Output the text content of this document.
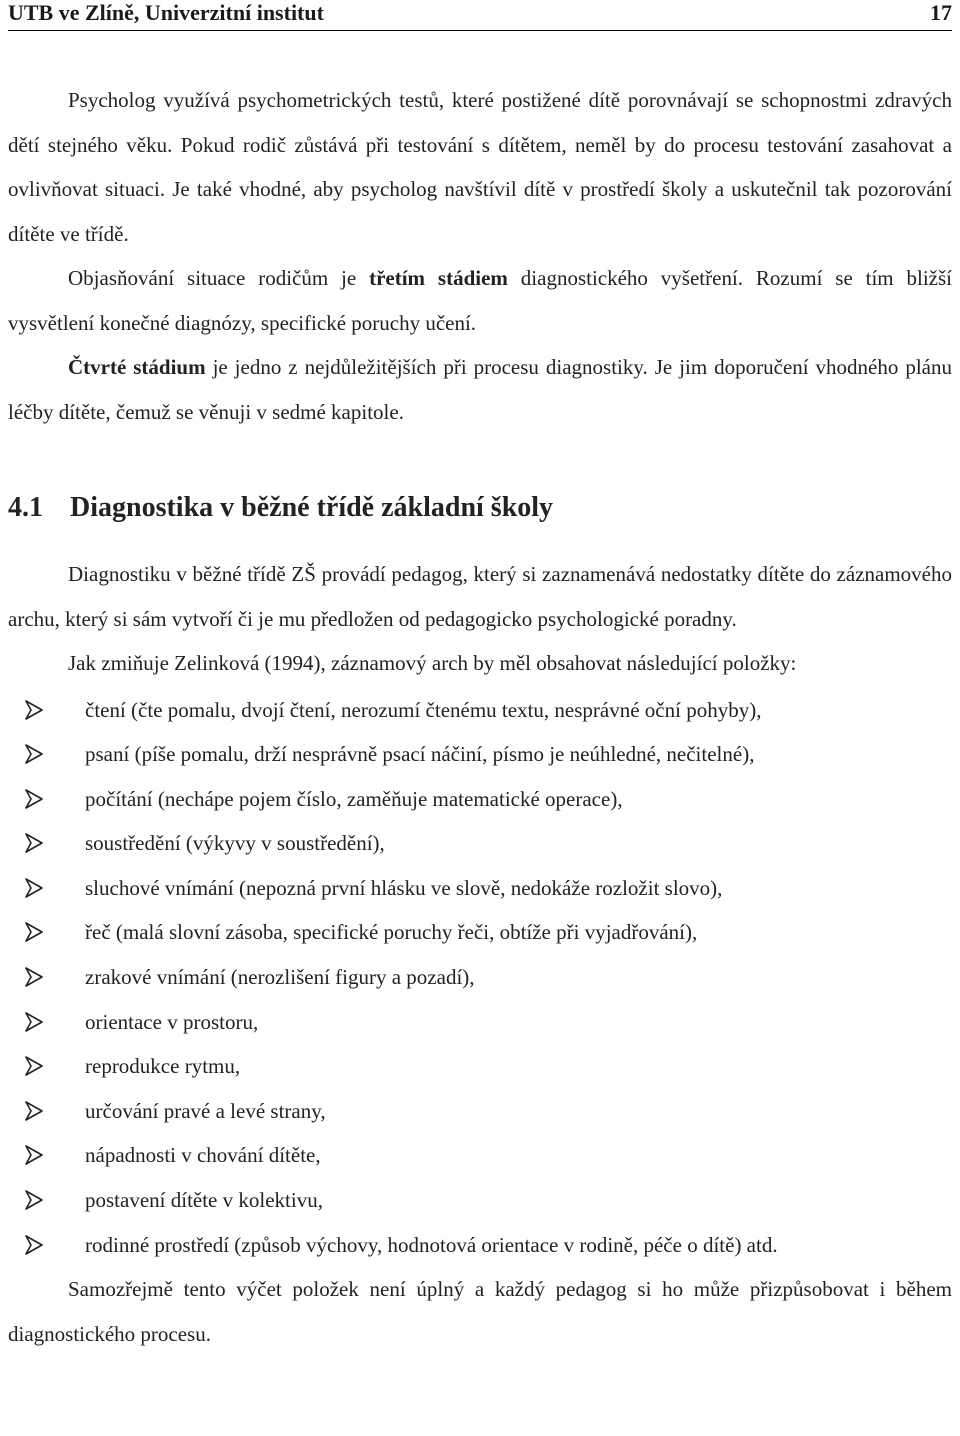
UTB ve Zlíně, Univerzitní institut	17

Psycholog využívá psychometrických testů, které postižené dítě porovnávají se schopnostmi zdravých dětí stejného věku. Pokud rodič zůstává při testování s dítětem, neměl by do procesu testování zasahovat a ovlivňovat situaci. Je také vhodné, aby psycholog navštívil dítě v prostředí školy a uskutečnil tak pozorování dítěte ve třídě.

Objasňování situace rodičům je třetím stádiem diagnostického vyšetření. Rozumí se tím bližší vysvětlení konečné diagnózy, specifické poruchy učení.

Čtvrté stádium je jedno z nejdůležitějších při procesu diagnostiky. Je jim doporučení vhodného plánu léčby dítěte, čemuž se věnuji v sedmé kapitole.

4.1 Diagnostika v běžné třídě základní školy

Diagnostiku v běžné třídě ZŠ provádí pedagog, který si zaznamenává nedostatky dítěte do záznamového archu, který si sám vytvoří či je mu předložen od pedagogicko psychologické poradny.

Jak zmiňuje Zelinková (1994), záznamový arch by měl obsahovat následující položky:

čtení (čte pomalu, dvojí čtení, nerozumí čtenému textu, nesprávné oční pohyby),
psaní (píše pomalu, drží nesprávně psací náčiní, písmo je neúhledné, nečitelné),
počítání (nechápe pojem číslo, zaměňuje matematické operace),
soustředění (výkyvy v soustředění),
sluchové vnímání (nepozná první hlásku ve slově, nedokáže rozložit slovo),
řeč (malá slovní zásoba, specifické poruchy řeči, obtíže při vyjadřování),
zrakové vnímání (nerozlišení figury a pozadí),
orientace v prostoru,
reprodukce rytmu,
určování pravé a levé strany,
nápadnosti v chování dítěte,
postavení dítěte v kolektivu,
rodinné prostředí (způsob výchovy, hodnotová orientace v rodině, péče o dítě) atd.

Samozřejmě tento výčet položek není úplný a každý pedagog si ho může přizpůsobovat i během diagnostického procesu.
